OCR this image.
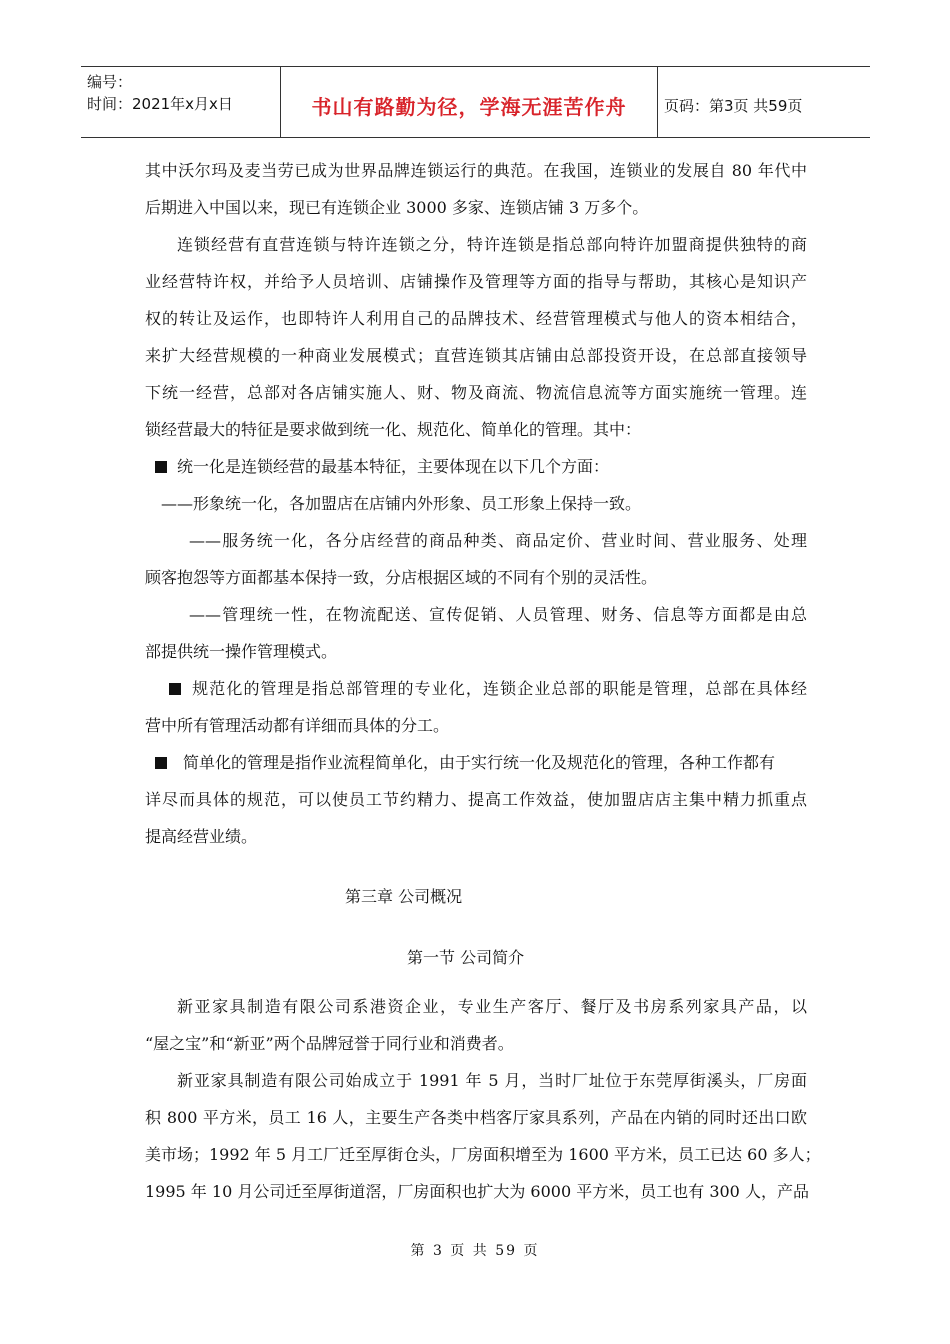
编号：
时间：2021年x月x日	书山有路勤为径，学海无涯苦作舟	页码：第3页 共59页
其中沃尔玛及麦当劳已成为世界品牌连锁运行的典范。在我国，连锁业的发展自 80 年代中
后期进入中国以来，现已有连锁企业 3000 多家、连锁店铺 3 万多个。
连锁经营有直营连锁与特许连锁之分，特许连锁是指总部向特许加盟商提供独特的商
业经营特许权，并给予人员培训、店铺操作及管理等方面的指导与帮助，其核心是知识产
权的转让及运作，也即特许人利用自己的品牌技术、经营管理模式与他人的资本相结合，
来扩大经营规模的一种商业发展模式；直营连锁其店铺由总部投资开设，在总部直接领导
下统一经营，总部对各店铺实施人、财、物及商流、物流信息流等方面实施统一管理。连
锁经营最大的特征是要求做到统一化、规范化、简单化的管理。其中：
统一化是连锁经营的最基本特征，主要体现在以下几个方面：
——形象统一化，各加盟店在店铺内外形象、员工形象上保持一致。
——服务统一化，各分店经营的商品种类、商品定价、营业时间、营业服务、处理
顾客抱怨等方面都基本保持一致，分店根据区域的不同有个别的灵活性。
——管理统一性，在物流配送、宣传促销、人员管理、财务、信息等方面都是由总
部提供统一操作管理模式。
规范化的管理是指总部管理的专业化，连锁企业总部的职能是管理，总部在具体经
营中所有管理活动都有详细而具体的分工。
简单化的管理是指作业流程简单化，由于实行统一化及规范化的管理，各种工作都有
详尽而具体的规范，可以使员工节约精力、提高工作效益，使加盟店店主集中精力抓重点
提高经营业绩。
第三章 公司概况
第一节 公司简介
新亚家具制造有限公司系港资企业，专业生产客厅、餐厅及书房系列家具产品，以
“屋之宝”和“新亚”两个品牌冠誉于同行业和消费者。
新亚家具制造有限公司始成立于 1991 年 5 月，当时厂址位于东莞厚街溪头，厂房面
积 800 平方米，员工 16 人，主要生产各类中档客厅家具系列，产品在内销的同时还出口欧
美市场；1992 年 5 月工厂迁至厚街仓头，厂房面积增至为 1600 平方米，员工已达 60 多人；
1995 年 10 月公司迁至厚街道滘，厂房面积也扩大为 6000 平方米，员工也有 300 人，产品
第 3 页 共 59 页
